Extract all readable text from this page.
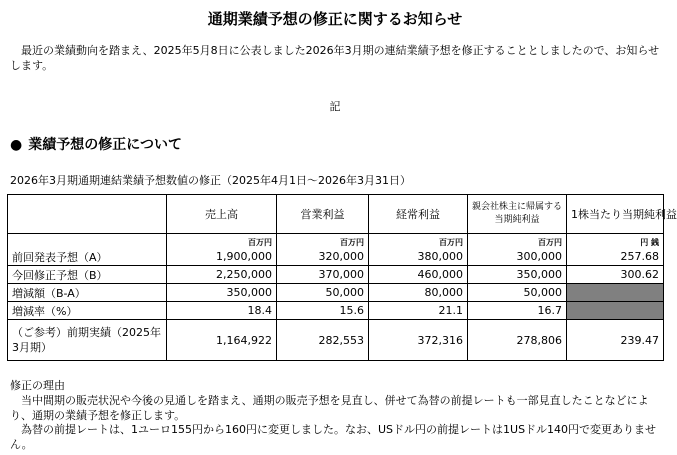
通期業績予想の修正に関するお知らせ
最近の業績動向を踏まえ、2025年5月8日に公表しました2026年3月期の連結業績予想を修正することとしましたので、お知らせします。
記
● 業績予想の修正について
2026年3月期通期連結業績予想数値の修正（2025年4月1日～2026年3月31日）
	売上高	営業利益	経常利益	親会社株主に帰属する当期純利益	1株当たり当期純利益
	百万円	百万円	百万円	百万円	円 銭
前回発表予想（A）	1,900,000	320,000	380,000	300,000	257.68
今回修正予想（B）	2,250,000	370,000	460,000	350,000	300.62
増減額（B-A）	350,000	50,000	80,000	50,000	
増減率（%）	18.4	15.6	21.1	16.7	
（ご参考）前期実績（2025年3月期）	1,164,922	282,553	372,316	278,806	239.47
修正の理由
当中間期の販売状況や今後の見通しを踏まえ、通期の販売予想を見直し、併せて為替の前提レートも一部見直したことなどにより、通期の業績予想を修正します。
為替の前提レートは、1ユーロ155円から160円に変更しました。なお、USドル円の前提レートは1USドル140円で変更ありません。
